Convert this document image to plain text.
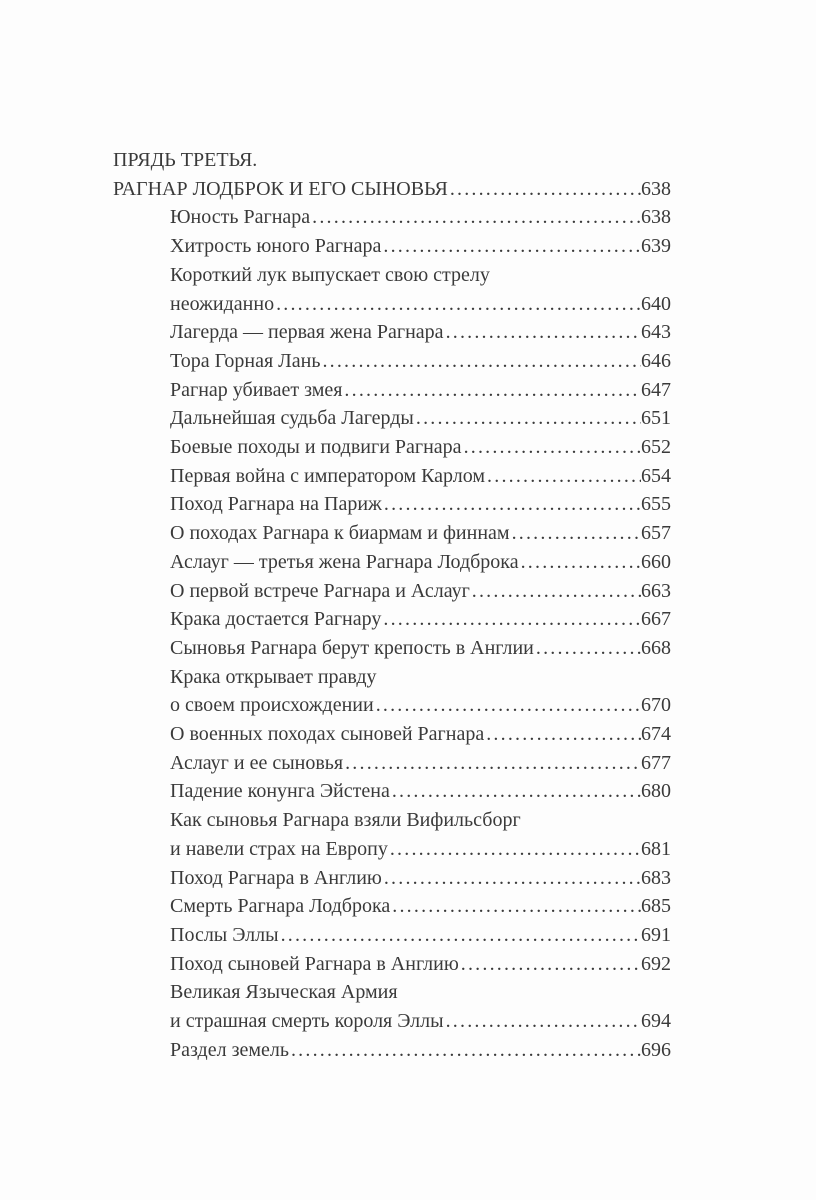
ПРЯДЬ ТРЕТЬЯ.
РАГНАР ЛОДБРОК И ЕГО СЫНОВЬЯ .....	638
Юность Рагнара .....	638
Хитрость юного Рагнара .....	639
Короткий лук выпускает свою стрелу
неожиданно .....	640
Лагерда — первая жена Рагнара .....	643
Тора Горная Лань .....	646
Рагнар убивает змея .....	647
Дальнейшая судьба Лагерды .....	651
Боевые походы и подвиги Рагнара .....	652
Первая война с императором Карлом .....	654
Поход Рагнара на Париж .....	655
О походах Рагнара к биармам и финнам .....	657
Аслауг — третья жена Рагнара Лодброка .....	660
О первой встрече Рагнара и Аслауг .....	663
Крака достается Рагнару .....	667
Сыновья Рагнара берут крепость в Англии .....	668
Крака открывает правду
о своем происхождении .....	670
О военных походах сыновей Рагнара .....	674
Аслауг и ее сыновья .....	677
Падение конунга Эйстена .....	680
Как сыновья Рагнара взяли Вифильсборг
и навели страх на Европу .....	681
Поход Рагнара в Англию .....	683
Смерть Рагнара Лодброка .....	685
Послы Эллы .....	691
Поход сыновей Рагнара в Англию .....	692
Великая Языческая Армия
и страшная смерть короля Эллы .....	694
Раздел земель .....	696
